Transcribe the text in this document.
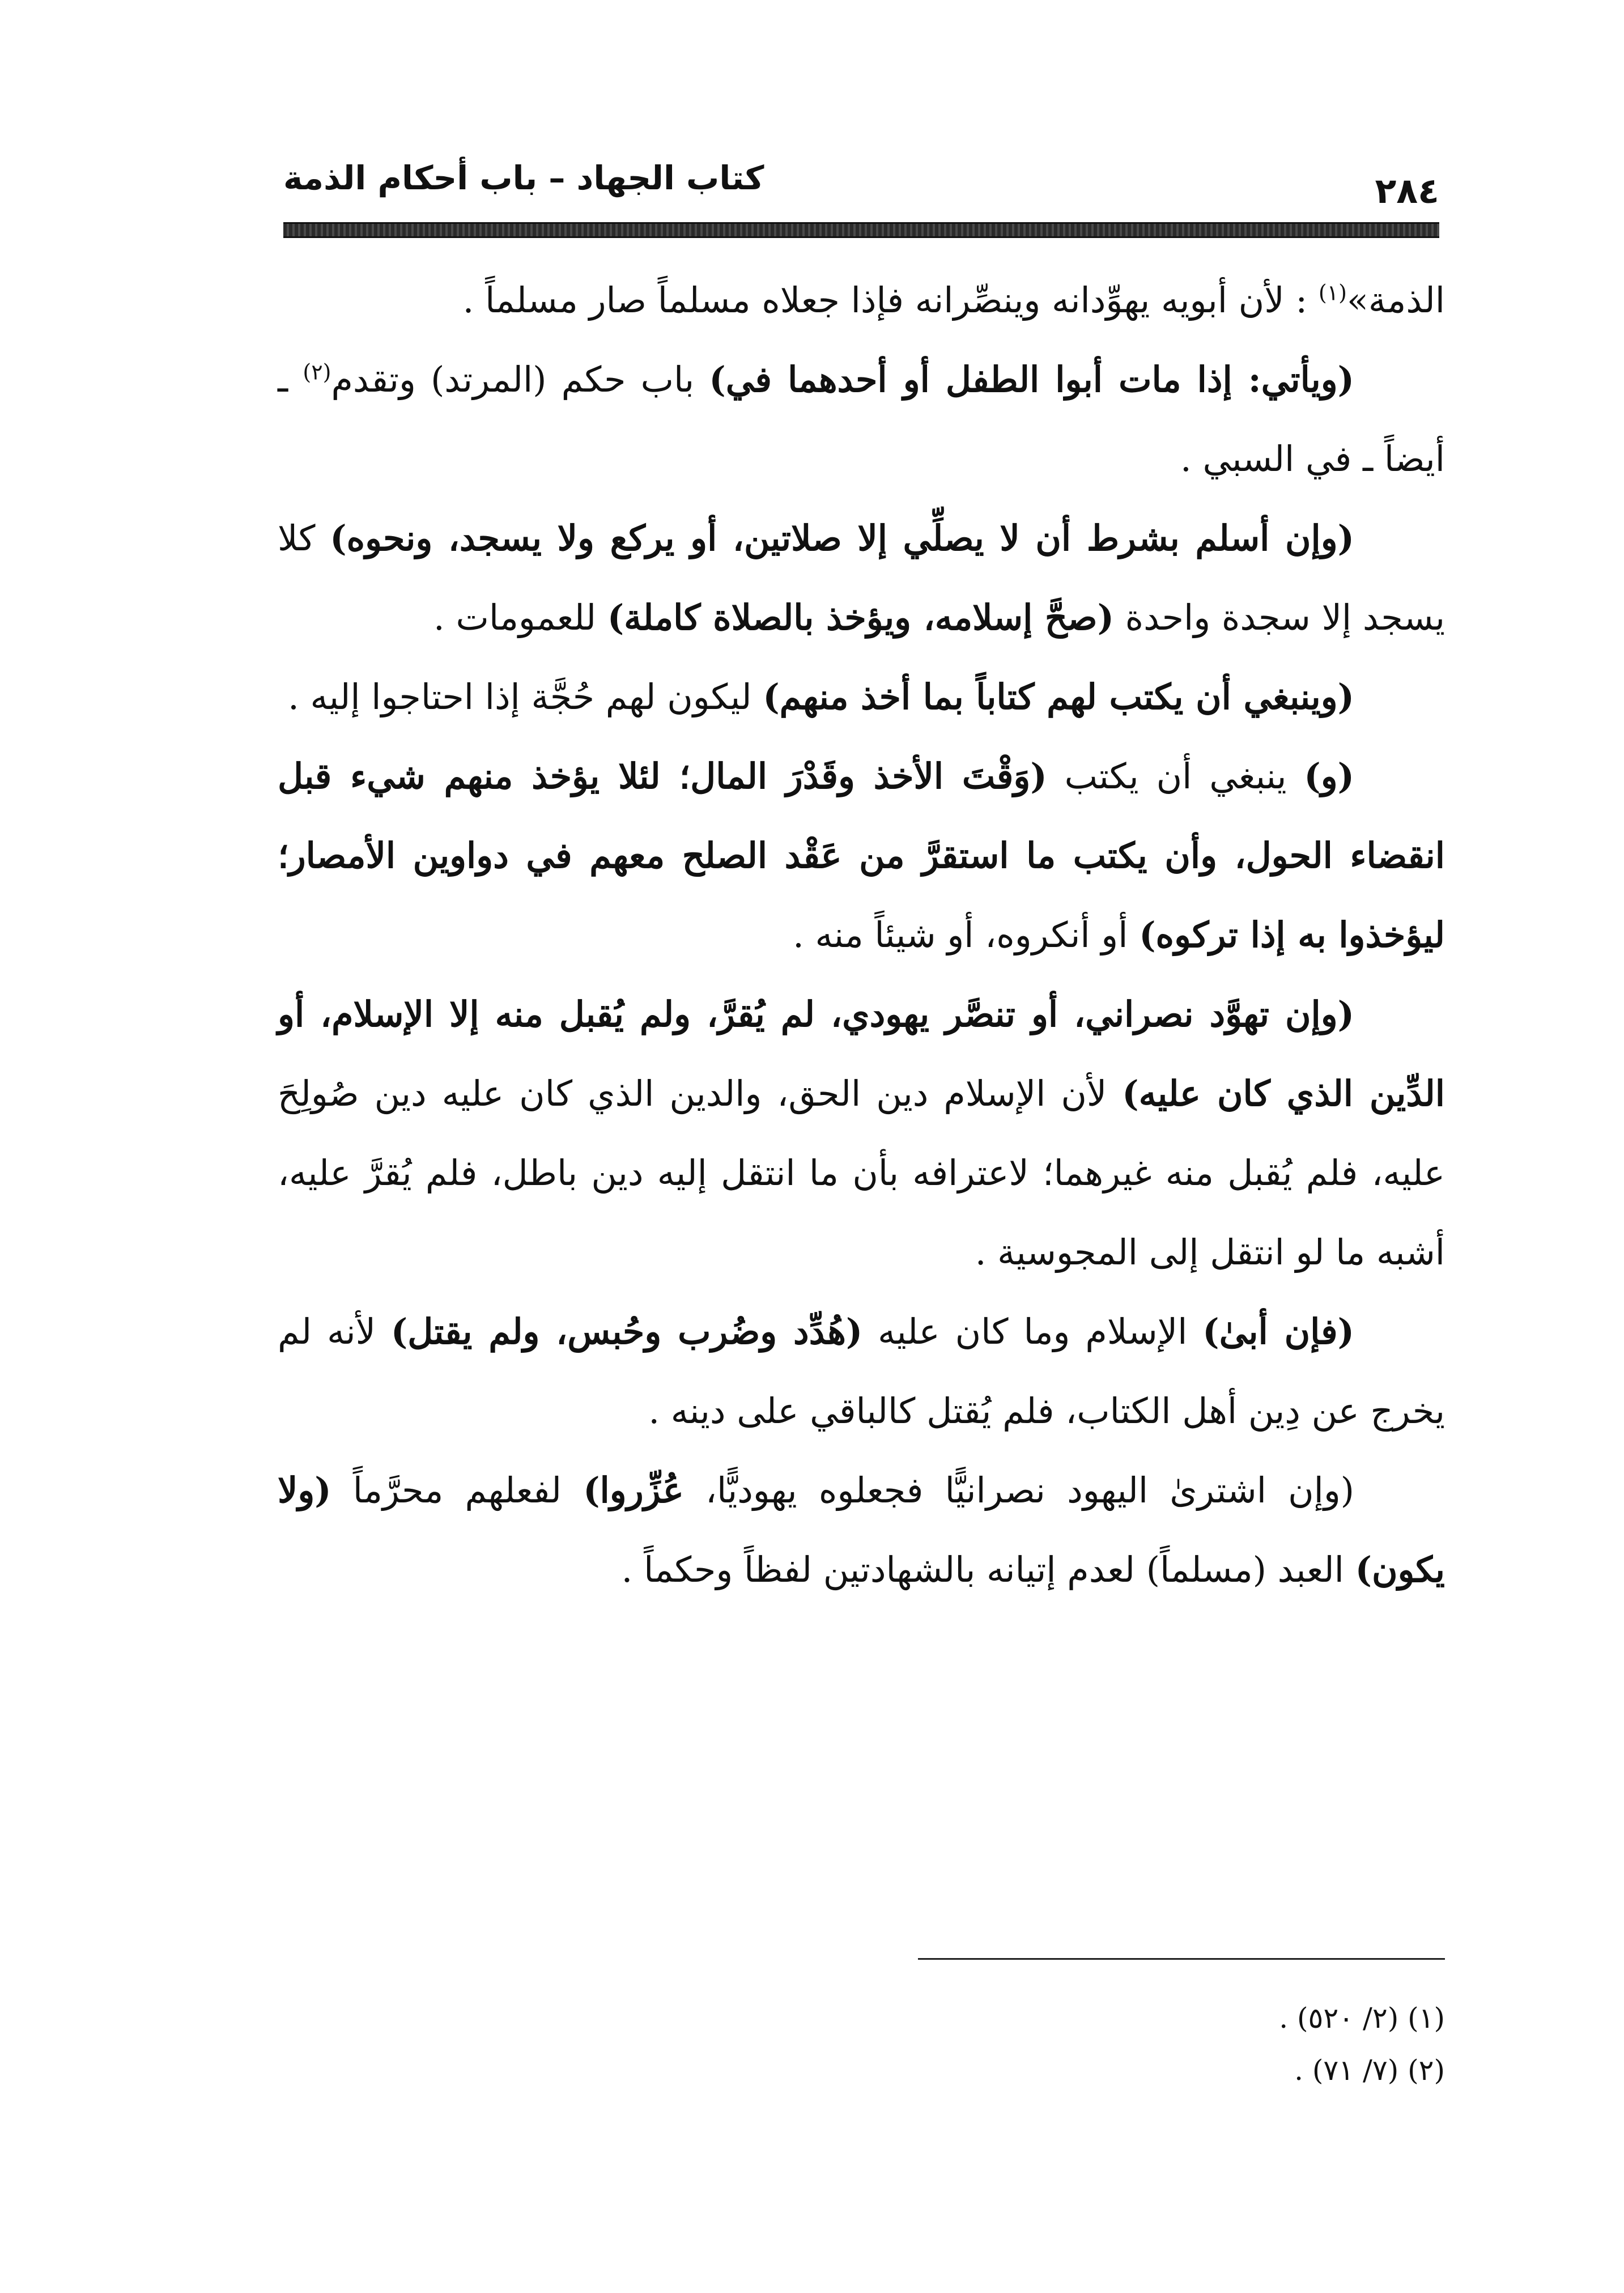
كتاب الجهاد – باب أحكام الذمة	٢٨٤

الذمة»$^{(١)}$ : لأن أبويه يهوِّدانه وينصِّرانه فإذا جعلاه مسلماً صار مسلماً .

(ويأتي: إذا مات أبوا الطفل أو أحدهما في) باب حكم (المرتد) وتقدم$^{(٢)}$ ـ أيضاً ـ في السبي .

(وإن أسلم بشرط أن لا يصلِّي إلا صلاتين، أو يركع ولا يسجد، ونحوه) كلا يسجد إلا سجدة واحدة (صحَّ إسلامه، ويؤخذ بالصلاة كاملة) للعمومات .

(وينبغي أن يكتب لهم كتاباً بما أخذ منهم) ليكون لهم حُجَّة إذا احتاجوا إليه .

(و) ينبغي أن يكتب (وَقْتَ الأخذ وقَدْرَ المال؛ لئلا يؤخذ منهم شيء قبل انقضاء الحول، وأن يكتب ما استقرَّ من عَقْد الصلح معهم في دواوين الأمصار؛ ليؤخذوا به إذا تركوه) أو أنكروه، أو شيئاً منه .

(وإن تهوَّد نصراني، أو تنصَّر يهودي، لم يُقرَّ، ولم يُقبل منه إلا الإسلام، أو الدِّين الذي كان عليه) لأن الإسلام دين الحق، والدين الذي كان عليه دين صُولِحَ عليه، فلم يُقبل منه غيرهما؛ لاعترافه بأن ما انتقل إليه دين باطل، فلم يُقرَّ عليه، أشبه ما لو انتقل إلى المجوسية .

(فإن أبىٰ) الإسلام وما كان عليه (هُدِّد وضُرب وحُبس، ولم يقتل) لأنه لم يخرج عن دِين أهل الكتاب، فلم يُقتل كالباقي على دينه .

(وإن اشترىٰ اليهود نصرانيًّا فجعلوه يهوديًّا، عُزِّروا) لفعلهم محرَّماً (ولا يكون) العبد (مسلماً) لعدم إتيانه بالشهادتين لفظاً وحكماً .

(١) (٢/ ٥٢٠) .

(٢) (٧/ ٧١) .
